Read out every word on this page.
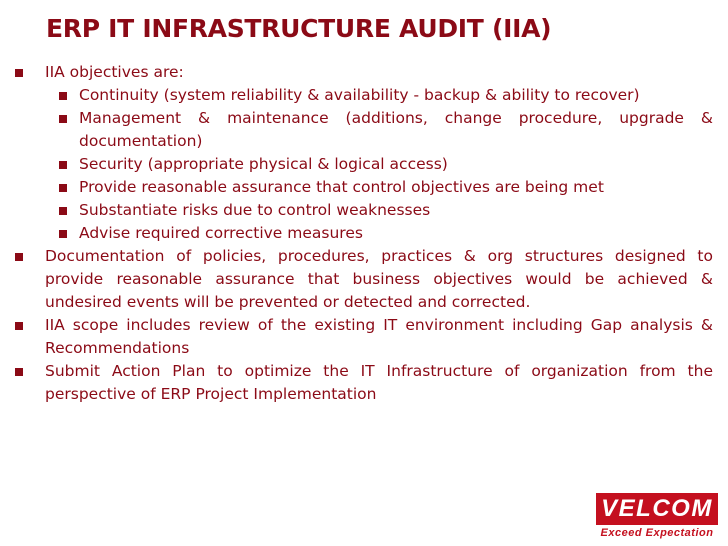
ERP IT INFRASTRUCTURE AUDIT (IIA)
IIA objectives are:
Continuity (system reliability & availability - backup & ability to recover)
Management & maintenance (additions, change procedure, upgrade & documentation)
Security (appropriate physical & logical access)
Provide reasonable assurance that control objectives are being met
Substantiate risks due to control weaknesses
Advise required corrective measures
Documentation of policies, procedures, practices & org structures designed to provide reasonable assurance that business objectives would be achieved & undesired events will be prevented or detected and corrected.
IIA scope includes review of the existing IT environment including Gap analysis & Recommendations
Submit Action Plan to optimize the IT Infrastructure of organization from the perspective of ERP Project Implementation
VELCOM
Exceed Expectation
